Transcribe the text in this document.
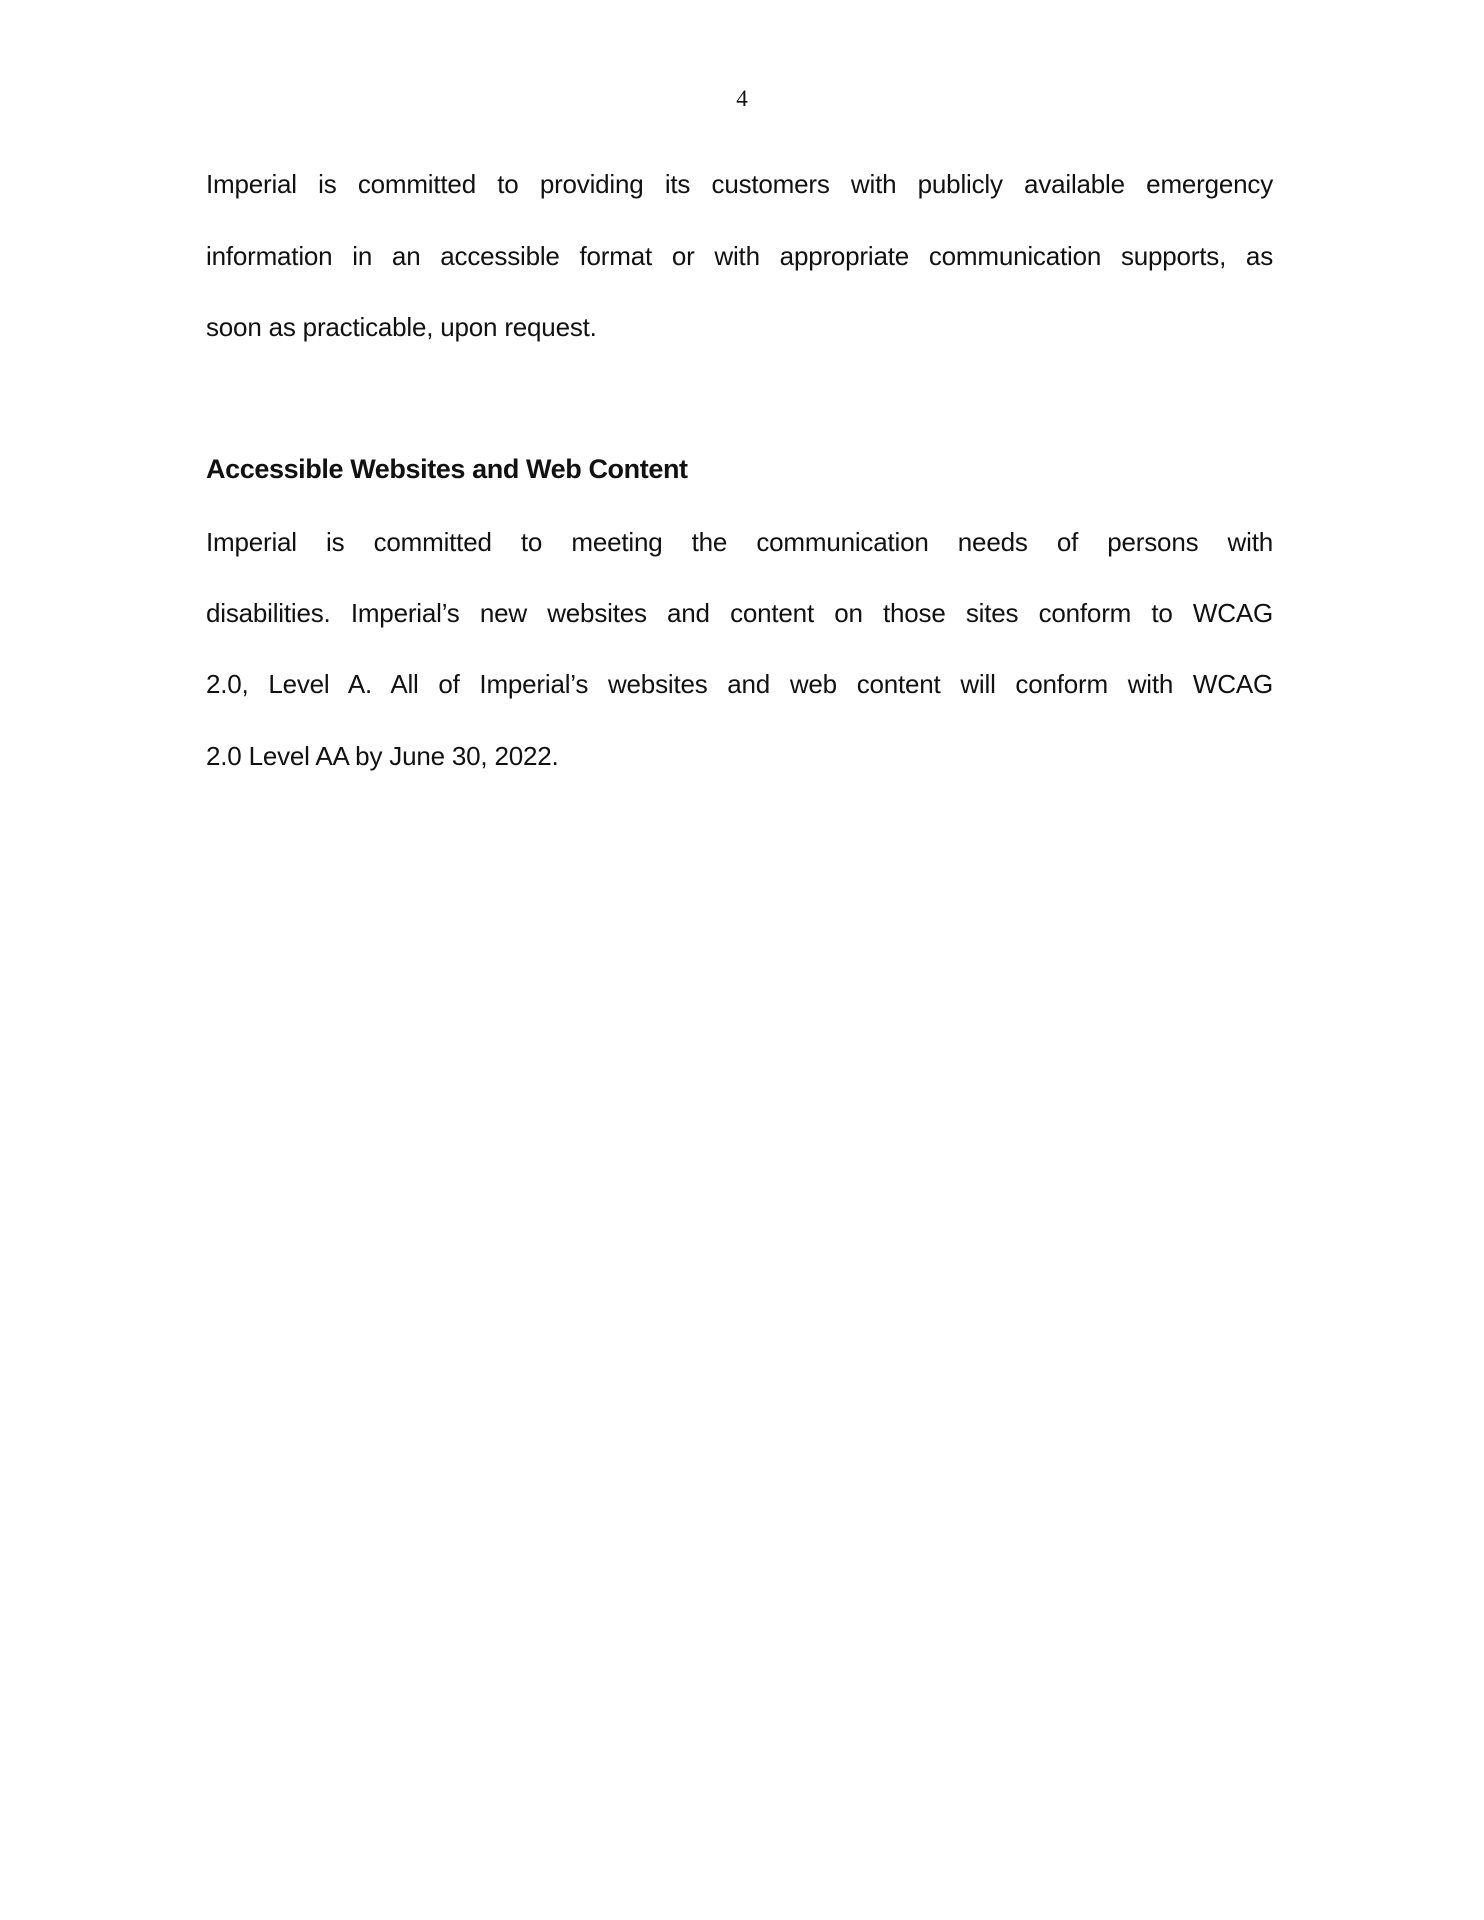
4
Imperial is committed to providing its customers with publicly available emergency
information in an accessible format or with appropriate communication supports, as
soon as practicable, upon request.
Accessible Websites and Web Content
Imperial is committed to meeting the communication needs of persons with
disabilities. Imperial’s new websites and content on those sites conform to WCAG
2.0, Level A. All of Imperial’s websites and web content will conform with WCAG
2.0 Level AA by June 30, 2022.
